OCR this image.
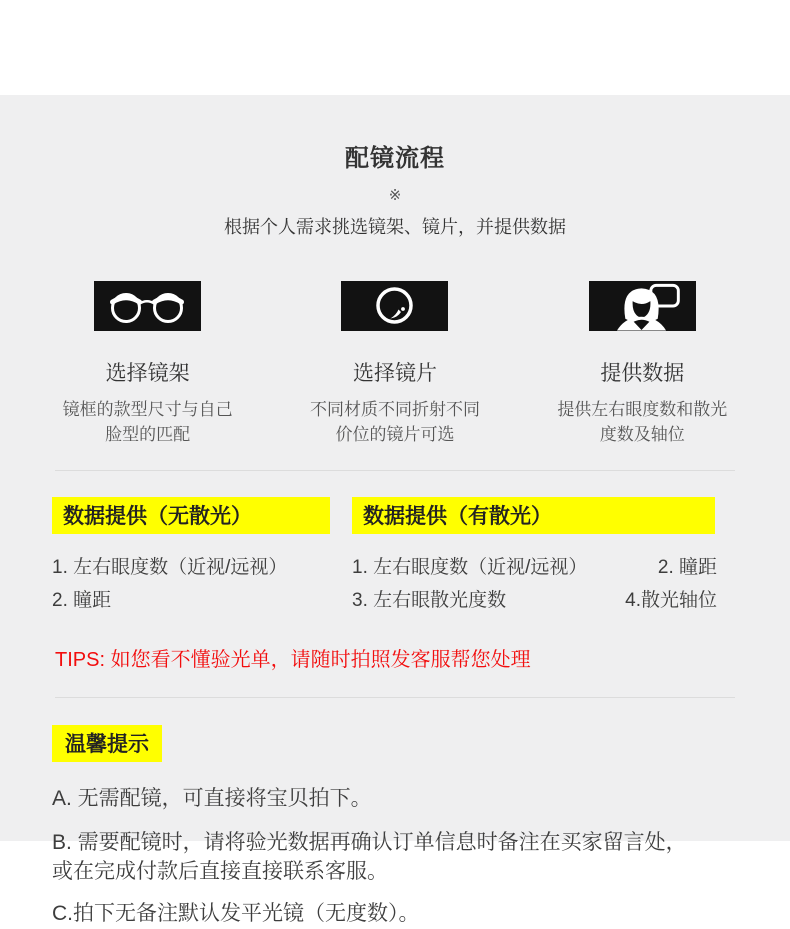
配镜流程
※
根据个人需求挑选镜架、镜片，并提供数据
选择镜架
镜框的款型尺寸与自己脸型的匹配
选择镜片
不同材质不同折射不同价位的镜片可选
提供数据
提供左右眼度数和散光度数及轴位
数据提供（无散光）
1. 左右眼度数（近视/远视）
2. 瞳距
数据提供（有散光）
1. 左右眼度数（近视/远视）	2. 瞳距
3. 左右眼散光度数	4.散光轴位
TIPS: 如您看不懂验光单，请随时拍照发客服帮您处理
温馨提示

A. 无需配镜，可直接将宝贝拍下。

B. 需要配镜时，请将验光数据再确认订单信息时备注在买家留言处，或在完成付款后直接直接联系客服。

C.拍下无备注默认发平光镜（无度数）。
